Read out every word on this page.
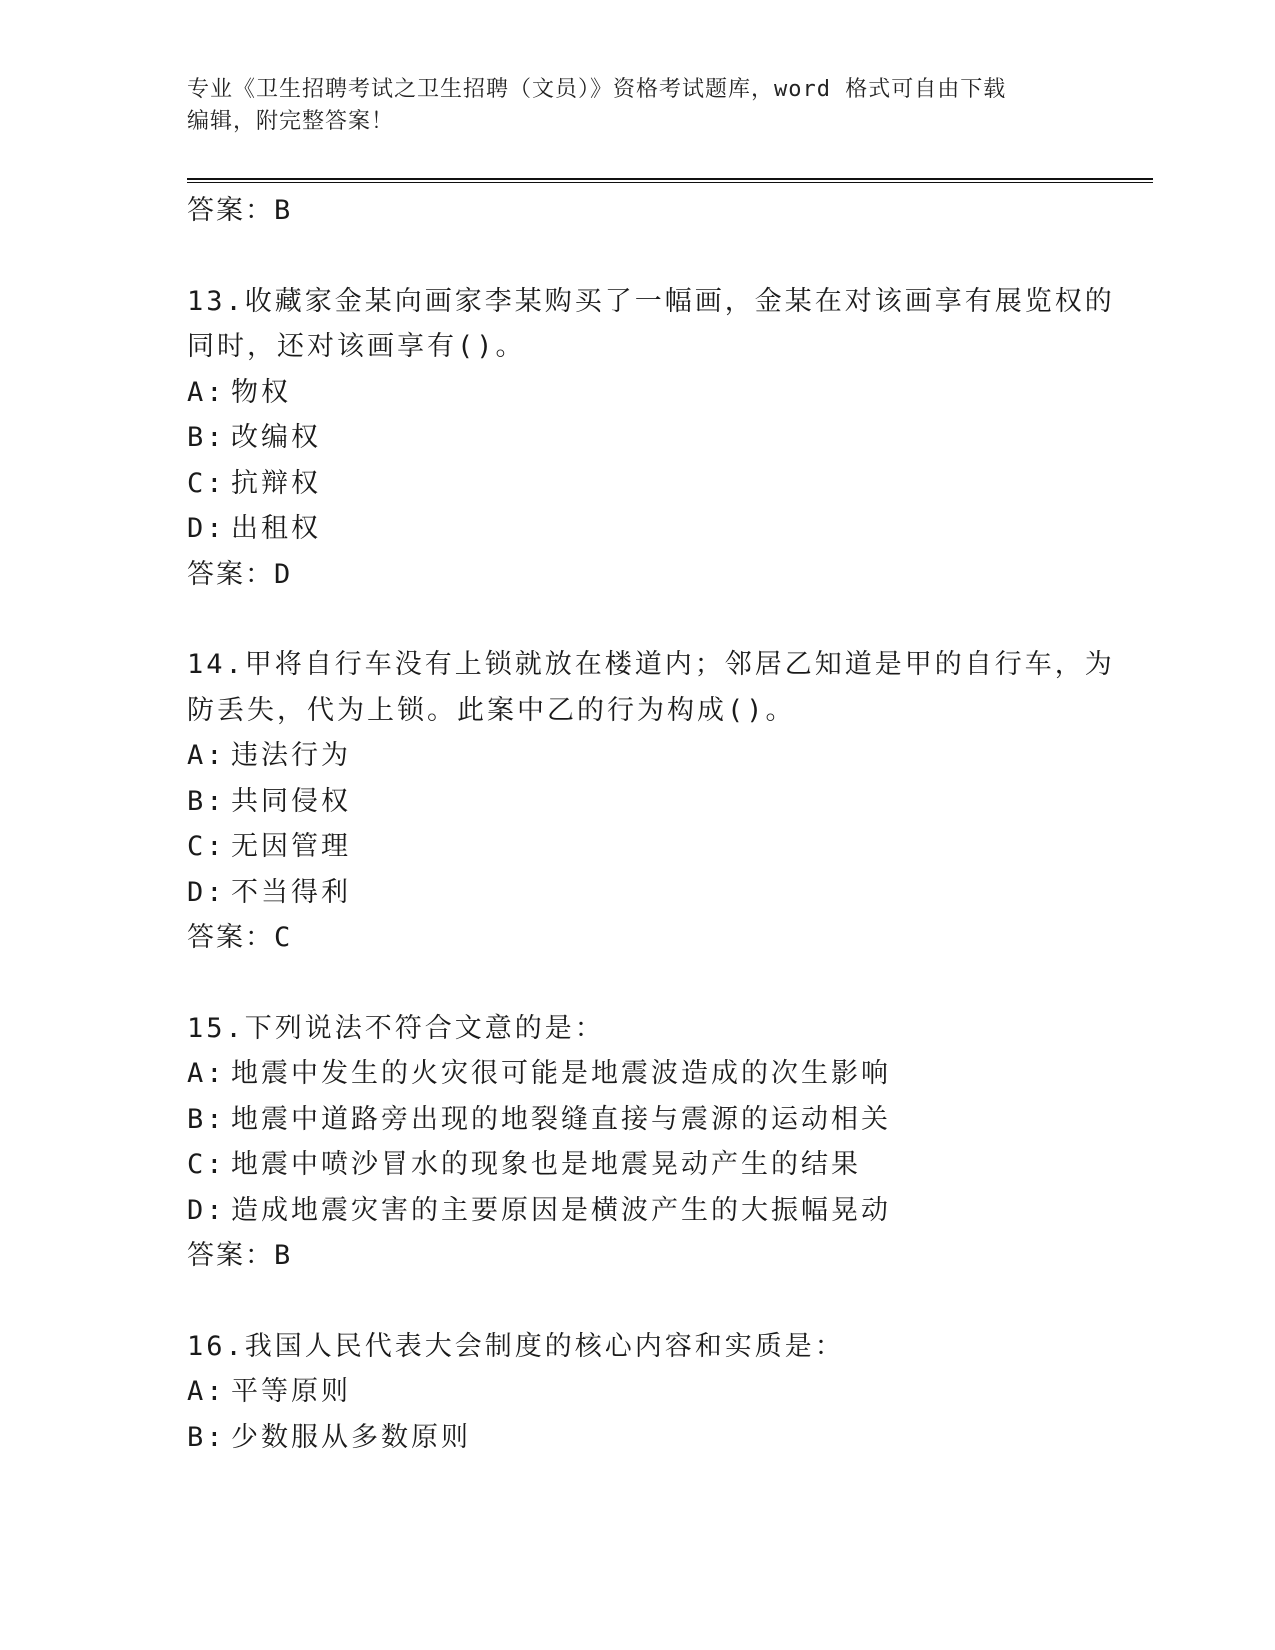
专业《卫生招聘考试之卫生招聘（文员）》资格考试题库，word 格式可自由下载
编辑，附完整答案！
答案：B
13.收藏家金某向画家李某购买了一幅画，金某在对该画享有展览权的
同时，还对该画享有()。
A: 物权
B: 改编权
C: 抗辩权
D: 出租权
答案：D
14.甲将自行车没有上锁就放在楼道内；邻居乙知道是甲的自行车，为
防丢失，代为上锁。此案中乙的行为构成()。
A: 违法行为
B: 共同侵权
C: 无因管理
D: 不当得利
答案：C
15.下列说法不符合文意的是：
A: 地震中发生的火灾很可能是地震波造成的次生影响
B: 地震中道路旁出现的地裂缝直接与震源的运动相关
C: 地震中喷沙冒水的现象也是地震晃动产生的结果
D: 造成地震灾害的主要原因是横波产生的大振幅晃动
答案：B
16.我国人民代表大会制度的核心内容和实质是：
A: 平等原则
B: 少数服从多数原则
